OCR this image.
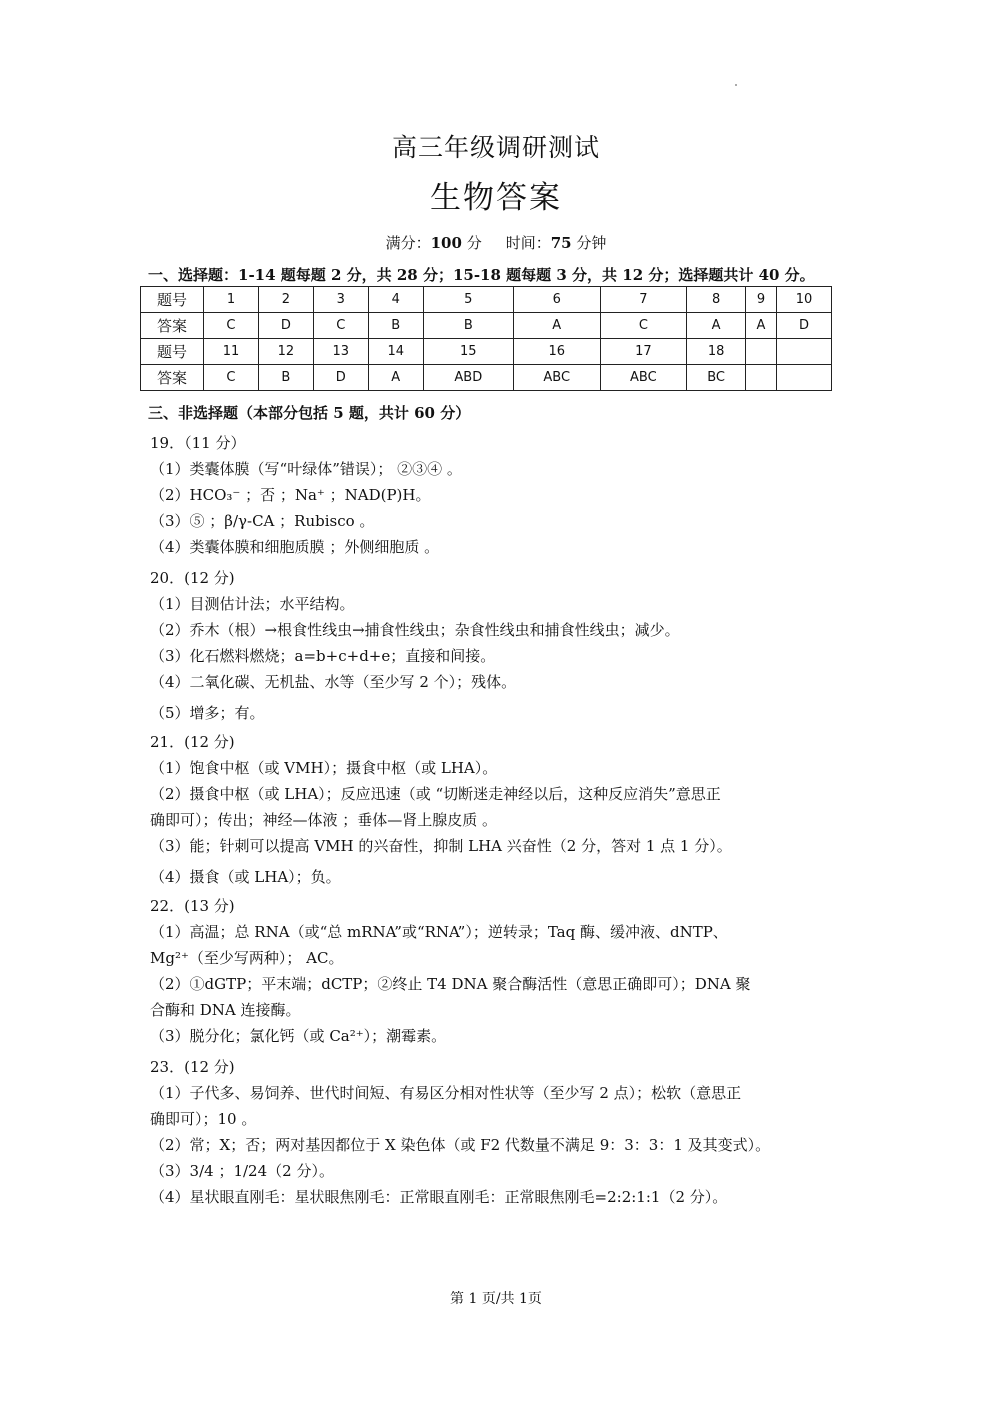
高三年级调研测试
生物答案
满分：100 分 时间：75 分钟
一、选择题：1-14 题每题 2 分，共 28 分；15-18 题每题 3 分，共 12 分；选择题共计 40 分。
题号	1	2	3	4	5	6	7	8	9	10
答案	C	D	C	B	B	A	C	A	A	D
题号	11	12	13	14	15	16	17	18		
答案	C	B	D	A	ABD	ABC	ABC	BC		
三、非选择题（本部分包括 5 题，共计 60 分）
19．（11 分）
（1）类囊体膜（写“叶绿体”错误）； ②③④ 。
（2）HCO₃⁻ ；否 ；Na⁺ ；NAD(P)H。
（3）⑤ ；β/γ-CA ；Rubisco 。
（4）类囊体膜和细胞质膜 ；外侧细胞质 。
20．(12 分)
（1）目测估计法；水平结构。
（2）乔木（根）→根食性线虫→捕食性线虫；杂食性线虫和捕食性线虫；减少。
（3）化石燃料燃烧；a=b+c+d+e；直接和间接。
（4）二氧化碳、无机盐、水等（至少写 2 个）；残体。
（5）增多；有。
21．(12 分)
（1）饱食中枢（或 VMH）；摄食中枢（或 LHA）。
（2）摄食中枢（或 LHA）；反应迅速（或 “切断迷走神经以后，这种反应消失”意思正
确即可）；传出；神经—体液 ；垂体—肾上腺皮质 。
（3）能；针刺可以提高 VMH 的兴奋性，抑制 LHA 兴奋性（2 分，答对 1 点 1 分）。
（4）摄食（或 LHA）；负。
22．(13 分)
（1）高温；总 RNA（或“总 mRNA”或“RNA”）；逆转录；Taq 酶、缓冲液、dNTP、
Mg²⁺（至少写两种）； AC。
（2）①dGTP；平末端；dCTP；②终止 T4 DNA 聚合酶活性（意思正确即可）；DNA 聚
合酶和 DNA 连接酶。
（3）脱分化；氯化钙（或 Ca²⁺）；潮霉素。
23．(12 分)
（1）子代多、易饲养、世代时间短、有易区分相对性状等（至少写 2 点）；松软（意思正
确即可）；10 。
（2）常；X；否；两对基因都位于 X 染色体（或 F2 代数量不满足 9：3：3：1 及其变式）。
（3）3/4 ；1/24（2 分）。
（4）星状眼直刚毛：星状眼焦刚毛：正常眼直刚毛：正常眼焦刚毛=2:2:1:1（2 分）。
第 1 页/共 1页
